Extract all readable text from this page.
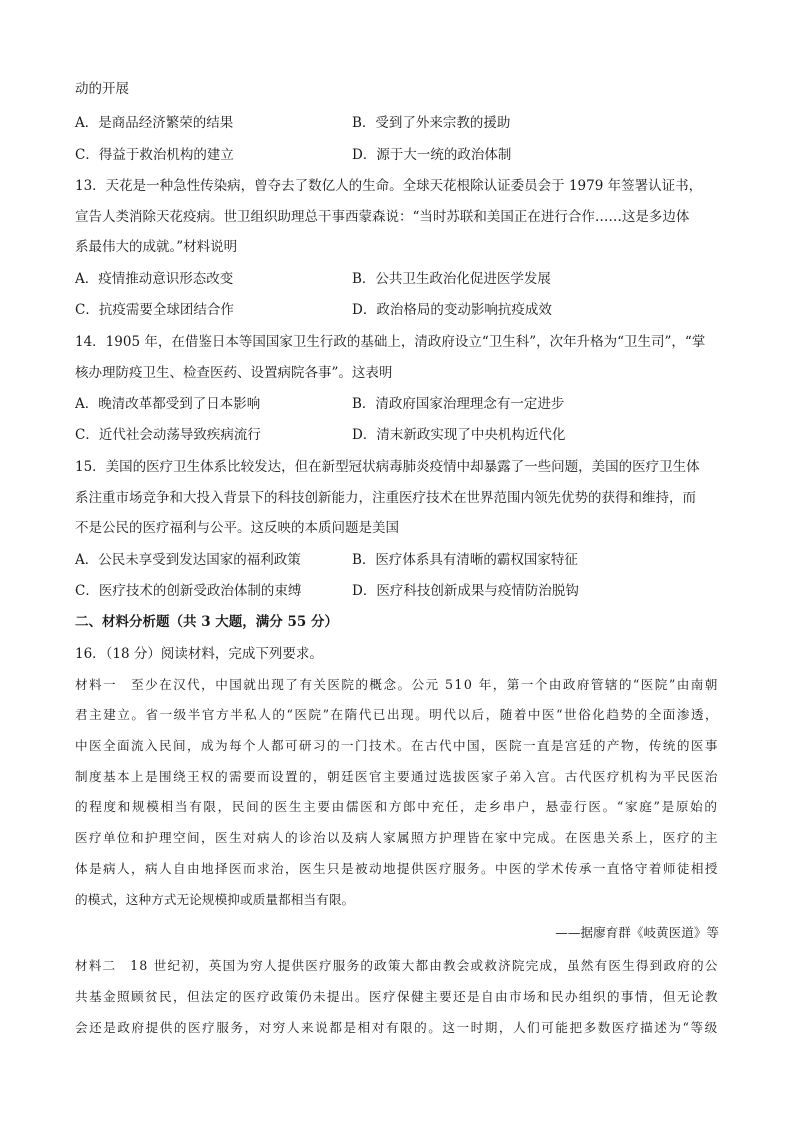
动的开展
A．是商品经济繁荣的结果	B．受到了外来宗教的援助
C．得益于救治机构的建立	D．源于大一统的政治体制
13．天花是一种急性传染病，曾夺去了数亿人的生命。全球天花根除认证委员会于 1979 年签署认证书，
宣告人类消除天花疫病。世卫组织助理总干事西蒙森说：“当时苏联和美国正在进行合作……这是多边体
系最伟大的成就。”材料说明
A．疫情推动意识形态改变	B．公共卫生政治化促进医学发展
C．抗疫需要全球团结合作	D．政治格局的变动影响抗疫成效
14．1905 年，在借鉴日本等国国家卫生行政的基础上，清政府设立“卫生科”，次年升格为“卫生司”，“掌
核办理防疫卫生、检查医药、设置病院各事”。这表明
A．晚清改革都受到了日本影响	B．清政府国家治理理念有一定进步
C．近代社会动荡导致疾病流行	D．清末新政实现了中央机构近代化
15．美国的医疗卫生体系比较发达，但在新型冠状病毒肺炎疫情中却暴露了一些问题，美国的医疗卫生体
系注重市场竞争和大投入背景下的科技创新能力，注重医疗技术在世界范围内领先优势的获得和维持，而
不是公民的医疗福利与公平。这反映的本质问题是美国
A．公民未享受到发达国家的福利政策	B．医疗体系具有清晰的霸权国家特征
C．医疗技术的创新受政治体制的束缚	D．医疗科技创新成果与疫情防治脱钩
二、材料分析题（共 3 大题，满分 55 分）
16．（18 分）阅读材料，完成下列要求。
材料一　至少在汉代，中国就出现了有关医院的概念。公元 510 年，第一个由政府管辖的“医院”由南朝
君主建立。省一级半官方半私人的“医院”在隋代已出现。明代以后，随着中医“世俗化趋势的全面渗透，
中医全面流入民间，成为每个人都可研习的一门技术。在古代中国，医院一直是宫廷的产物，传统的医事
制度基本上是围绕王权的需要而设置的，朝廷医官主要通过选拔医家子弟入宫。古代医疗机构为平民医治
的程度和规模相当有限，民间的医生主要由儒医和方郎中充任，走乡串户，悬壶行医。“家庭”是原始的
医疗单位和护理空间，医生对病人的诊治以及病人家属照方护理皆在家中完成。在医患关系上，医疗的主
体是病人，病人自由地择医而求治，医生只是被动地提供医疗服务。中医的学术传承一直恪守着师徒相授
的模式，这种方式无论规模抑或质量都相当有限。
——据廖育群《岐黄医道》等
材料二　18 世纪初，英国为穷人提供医疗服务的政策大都由教会或救济院完成，虽然有医生得到政府的公
共基金照顾贫民，但法定的医疗政策仍未提出。医疗保健主要还是自由市场和民办组织的事情，但无论教
会还是政府提供的医疗服务，对穷人来说都是相对有限的。这一时期，人们可能把多数医疗描述为“等级
